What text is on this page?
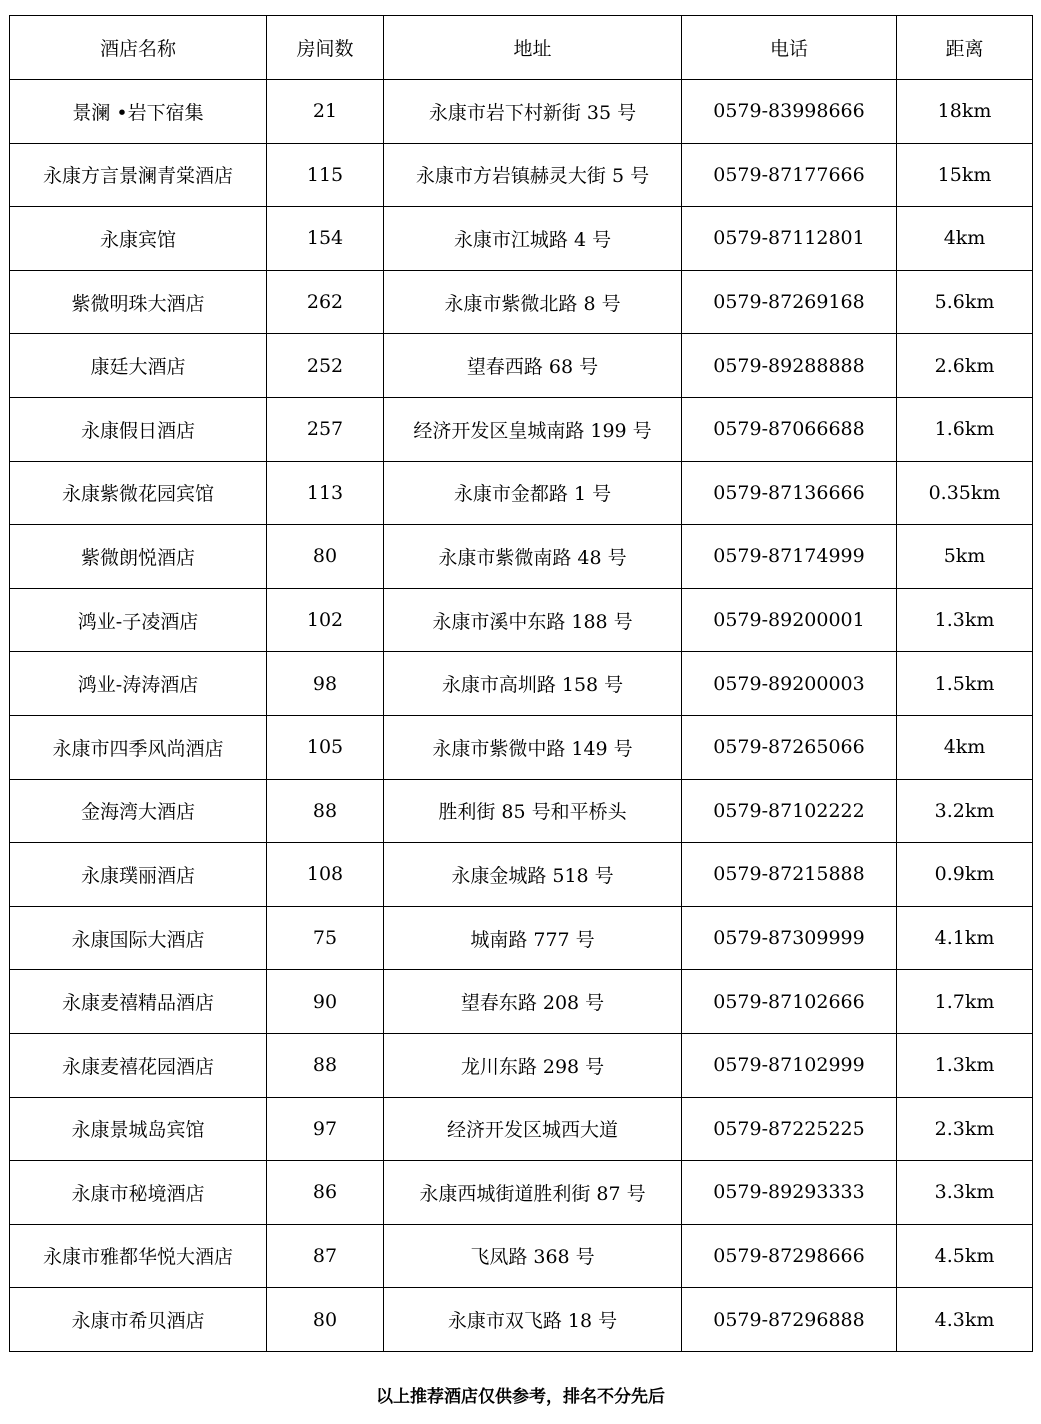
酒店名称	房间数	地址	电话	距离
景澜 •岩下宿集	21	永康市岩下村新街 35 号	0579-83998666	18km
永康方言景澜青棠酒店	115	永康市方岩镇赫灵大街 5 号	0579-87177666	15km
永康宾馆	154	永康市江城路 4 号	0579-87112801	4km
紫微明珠大酒店	262	永康市紫微北路 8 号	0579-87269168	5.6km
康廷大酒店	252	望春西路 68 号	0579-89288888	2.6km
永康假日酒店	257	经济开发区皇城南路 199 号	0579-87066688	1.6km
永康紫微花园宾馆	113	永康市金都路 1 号	0579-87136666	0.35km
紫微朗悦酒店	80	永康市紫微南路 48 号	0579-87174999	5km
鸿业-子凌酒店	102	永康市溪中东路 188 号	0579-89200001	1.3km
鸿业-涛涛酒店	98	永康市高圳路 158 号	0579-89200003	1.5km
永康市四季风尚酒店	105	永康市紫微中路 149 号	0579-87265066	4km
金海湾大酒店	88	胜利街 85 号和平桥头	0579-87102222	3.2km
永康璞丽酒店	108	永康金城路 518 号	0579-87215888	0.9km
永康国际大酒店	75	城南路 777 号	0579-87309999	4.1km
永康麦禧精品酒店	90	望春东路 208 号	0579-87102666	1.7km
永康麦禧花园酒店	88	龙川东路 298 号	0579-87102999	1.3km
永康景城岛宾馆	97	经济开发区城西大道	0579-87225225	2.3km
永康市秘境酒店	86	永康西城街道胜利街 87 号	0579-89293333	3.3km
永康市雅都华悦大酒店	87	飞凤路 368 号	0579-87298666	4.5km
永康市希贝酒店	80	永康市双飞路 18 号	0579-87296888	4.3km
以上推荐酒店仅供参考，排名不分先后
